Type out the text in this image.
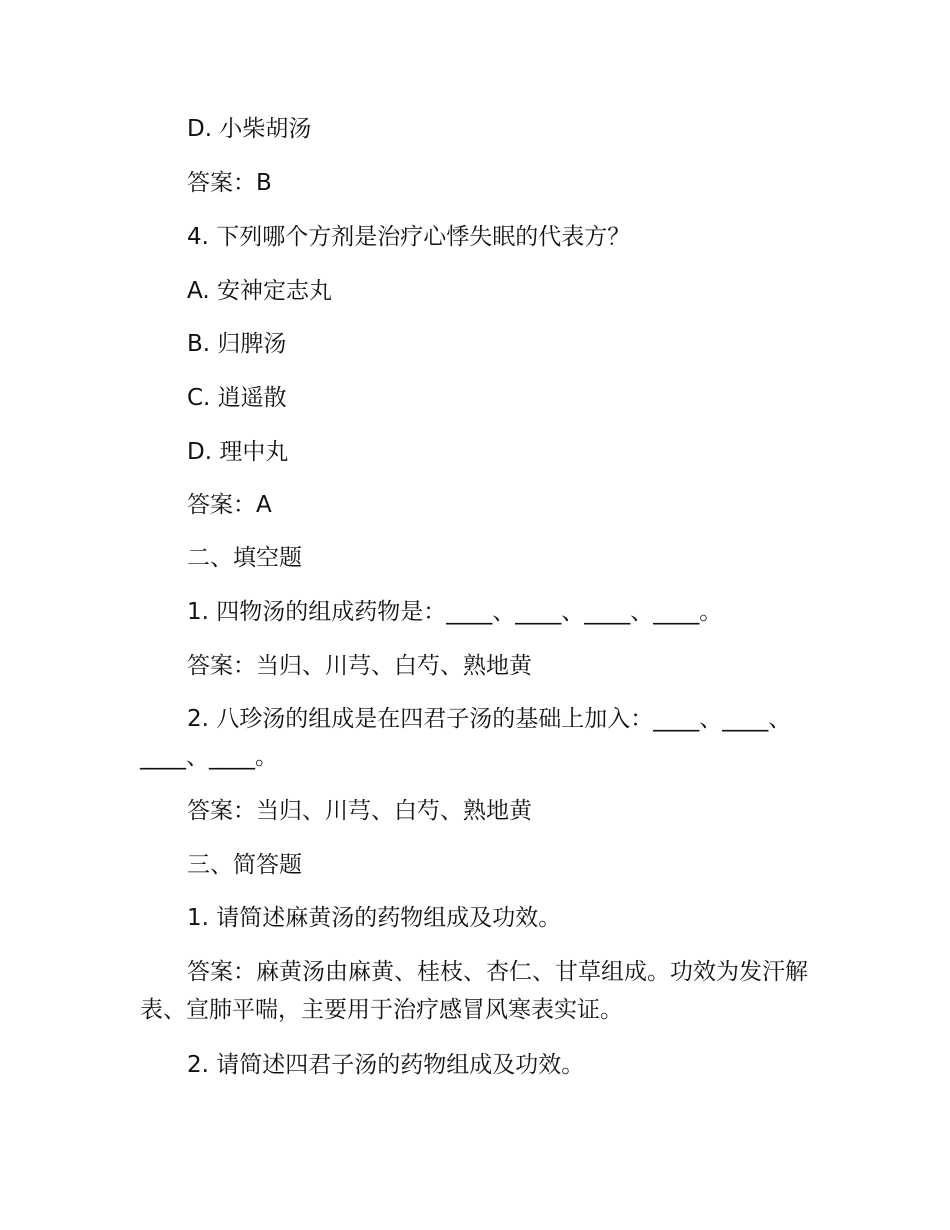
D. 小柴胡汤

答案：B

4. 下列哪个方剂是治疗心悸失眠的代表方？

A. 安神定志丸

B. 归脾汤

C. 逍遥散

D. 理中丸

答案：A

二、填空题

1. 四物汤的组成药物是：____、____、____、____。

答案：当归、川芎、白芍、熟地黄

2. 八珍汤的组成是在四君子汤的基础上加入：____、____、____、____。

答案：当归、川芎、白芍、熟地黄

三、简答题

1. 请简述麻黄汤的药物组成及功效。

答案：麻黄汤由麻黄、桂枝、杏仁、甘草组成。功效为发汗解表、宣肺平喘，主要用于治疗感冒风寒表实证。

2. 请简述四君子汤的药物组成及功效。
